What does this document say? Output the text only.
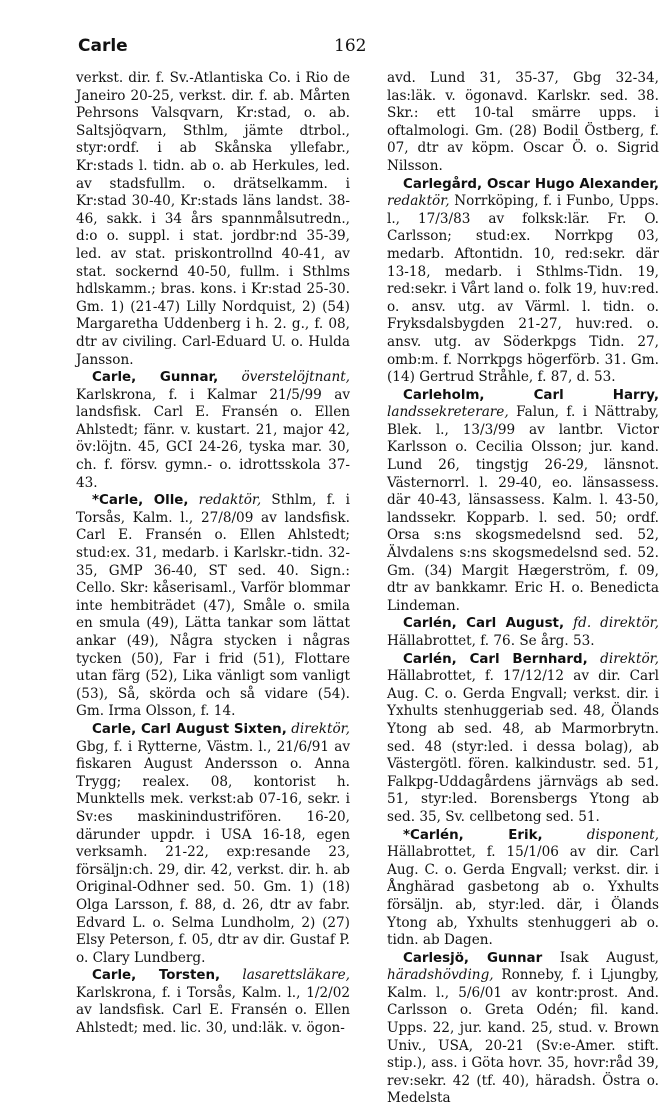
Carle	162

verkst. dir. f. Sv.-Atlantiska Co. i Rio de Janeiro 20-25, verkst. dir. f. ab. Mårten Pehrsons Valsqvarn, Kr:stad, o. ab. Saltsjöqvarn, Sthlm, jämte dtrbol., styr:ordf. i ab Skånska yllefabr., Kr:stads l. tidn. ab o. ab Herkules, led. av stadsfullm. o. drätselkamm. i Kr:stad 30-40, Kr:stads läns landst. 38-46, sakk. i 34 års spannmålsutredn., d:o o. suppl. i stat. jordbr:nd 35-39, led. av stat. priskontrollnd 40-41, av stat. sockernd 40-50, fullm. i Sthlms hdlskamm.; bras. kons. i Kr:stad 25-30. Gm. 1) (21-47) Lilly Nordquist, 2) (54) Margaretha Uddenberg i h. 2. g., f. 08, dtr av civiling. Carl-Eduard U. o. Hulda Jansson.

Carle, Gunnar, överstelöjtnant, Karlskrona, f. i Kalmar 21/5/99 av landsfisk. Carl E. Fransén o. Ellen Ahlstedt; fänr. v. kustart. 21, major 42, öv:löjtn. 45, GCI 24-26, tyska mar. 30, ch. f. försv. gymn.- o. idrottsskola 37-43.

*Carle, Olle, redaktör, Sthlm, f. i Torsås, Kalm. l., 27/8/09 av landsfisk. Carl E. Fransén o. Ellen Ahlstedt; stud:ex. 31, medarb. i Karlskr.-tidn. 32-35, GMP 36-40, ST sed. 40. Sign.: Cello. Skr: kåserisaml., Varför blommar inte hembiträdet (47), Småle o. smila en smula (49), Lätta tankar som lättat ankar (49), Några stycken i någras tycken (50), Far i frid (51), Flottare utan färg (52), Lika vänligt som vanligt (53), Så, skörda och så vidare (54). Gm. Irma Olsson, f. 14.

Carle, Carl August Sixten, direktör, Gbg, f. i Rytterne, Västm. l., 21/6/91 av fiskaren August Andersson o. Anna Trygg; realex. 08, kontorist h. Munktells mek. verkst:ab 07-16, sekr. i Sv:es maskinindustrifören. 16-20, därunder uppdr. i USA 16-18, egen verksamh. 21-22, exp:resande 23, försäljn:ch. 29, dir. 42, verkst. dir. h. ab Original-Odhner sed. 50. Gm. 1) (18) Olga Larsson, f. 88, d. 26, dtr av fabr. Edvard L. o. Selma Lundholm, 2) (27) Elsy Peterson, f. 05, dtr av dir. Gustaf P. o. Clary Lundberg.

Carle, Torsten, lasarettsläkare, Karlskrona, f. i Torsås, Kalm. l., 1/2/02 av landsfisk. Carl E. Fransén o. Ellen Ahlstedt; med. lic. 30, und:läk. v. ögon-

avd. Lund 31, 35-37, Gbg 32-34, las:läk. v. ögonavd. Karlskr. sed. 38. Skr.: ett 10-tal smärre upps. i oftalmologi. Gm. (28) Bodil Östberg, f. 07, dtr av köpm. Oscar Ö. o. Sigrid Nilsson.

Carlegård, Oscar Hugo Alexander, redaktör, Norrköping, f. i Funbo, Upps. l., 17/3/83 av folksk:lär. Fr. O. Carlsson; stud:ex. Norrkpg 03, medarb. Aftontidn. 10, red:sekr. där 13-18, medarb. i Sthlms-Tidn. 19, red:sekr. i Vårt land o. folk 19, huv:red. o. ansv. utg. av Värml. l. tidn. o. Fryksdalsbygden 21-27, huv:red. o. ansv. utg. av Söderkpgs Tidn. 27, omb:m. f. Norrkpgs högerförb. 31. Gm. (14) Gertrud Stråhle, f. 87, d. 53.

Carleholm, Carl Harry, landssekreterare, Falun, f. i Nättraby, Blek. l., 13/3/99 av lantbr. Victor Karlsson o. Cecilia Olsson; jur. kand. Lund 26, tingstjg 26-29, länsnot. Västernorrl. l. 29-40, eo. länsassess. där 40-43, länsassess. Kalm. l. 43-50, landssekr. Kopparb. l. sed. 50; ordf. Orsa s:ns skogsmedelsnd sed. 52, Älvdalens s:ns skogsmedelsnd sed. 52. Gm. (34) Margit Hægerström, f. 09, dtr av bankkamr. Eric H. o. Benedicta Lindeman.

Carlén, Carl August, fd. direktör, Hällabrottet, f. 76. Se årg. 53.

Carlén, Carl Bernhard, direktör, Hällabrottet, f. 17/12/12 av dir. Carl Aug. C. o. Gerda Engvall; verkst. dir. i Yxhults stenhuggeriab sed. 48, Ölands Ytong ab sed. 48, ab Marmorbrytn. sed. 48 (styr:led. i dessa bolag), ab Västergötl. fören. kalkindustr. sed. 51, Falkpg-Uddagårdens järnvägs ab sed. 51, styr:led. Borensbergs Ytong ab sed. 35, Sv. cellbetong sed. 51.

*Carlén, Erik,	disponent, Hällabrottet, f. 15/1/06 av dir. Carl Aug. C. o. Gerda Engvall; verkst. dir. i Ånghärad gasbetong ab o. Yxhults försäljn. ab, styr:led. där, i Ölands Ytong ab, Yxhults stenhuggeri ab o. tidn. ab Dagen.

Carlesjö, Gunnar Isak August, häradshövding, Ronneby, f. i Ljungby, Kalm. l., 5/6/01 av kontr:prost. And. Carlsson o. Greta Odén; fil. kand. Upps. 22, jur. kand. 25, stud. v. Brown Univ., USA, 20-21 (Sv:e-Amer. stift. stip.), ass. i Göta hovr. 35, hovr:råd 39, rev:sekr. 42 (tf. 40), häradsh. Östra o. Medelsta
